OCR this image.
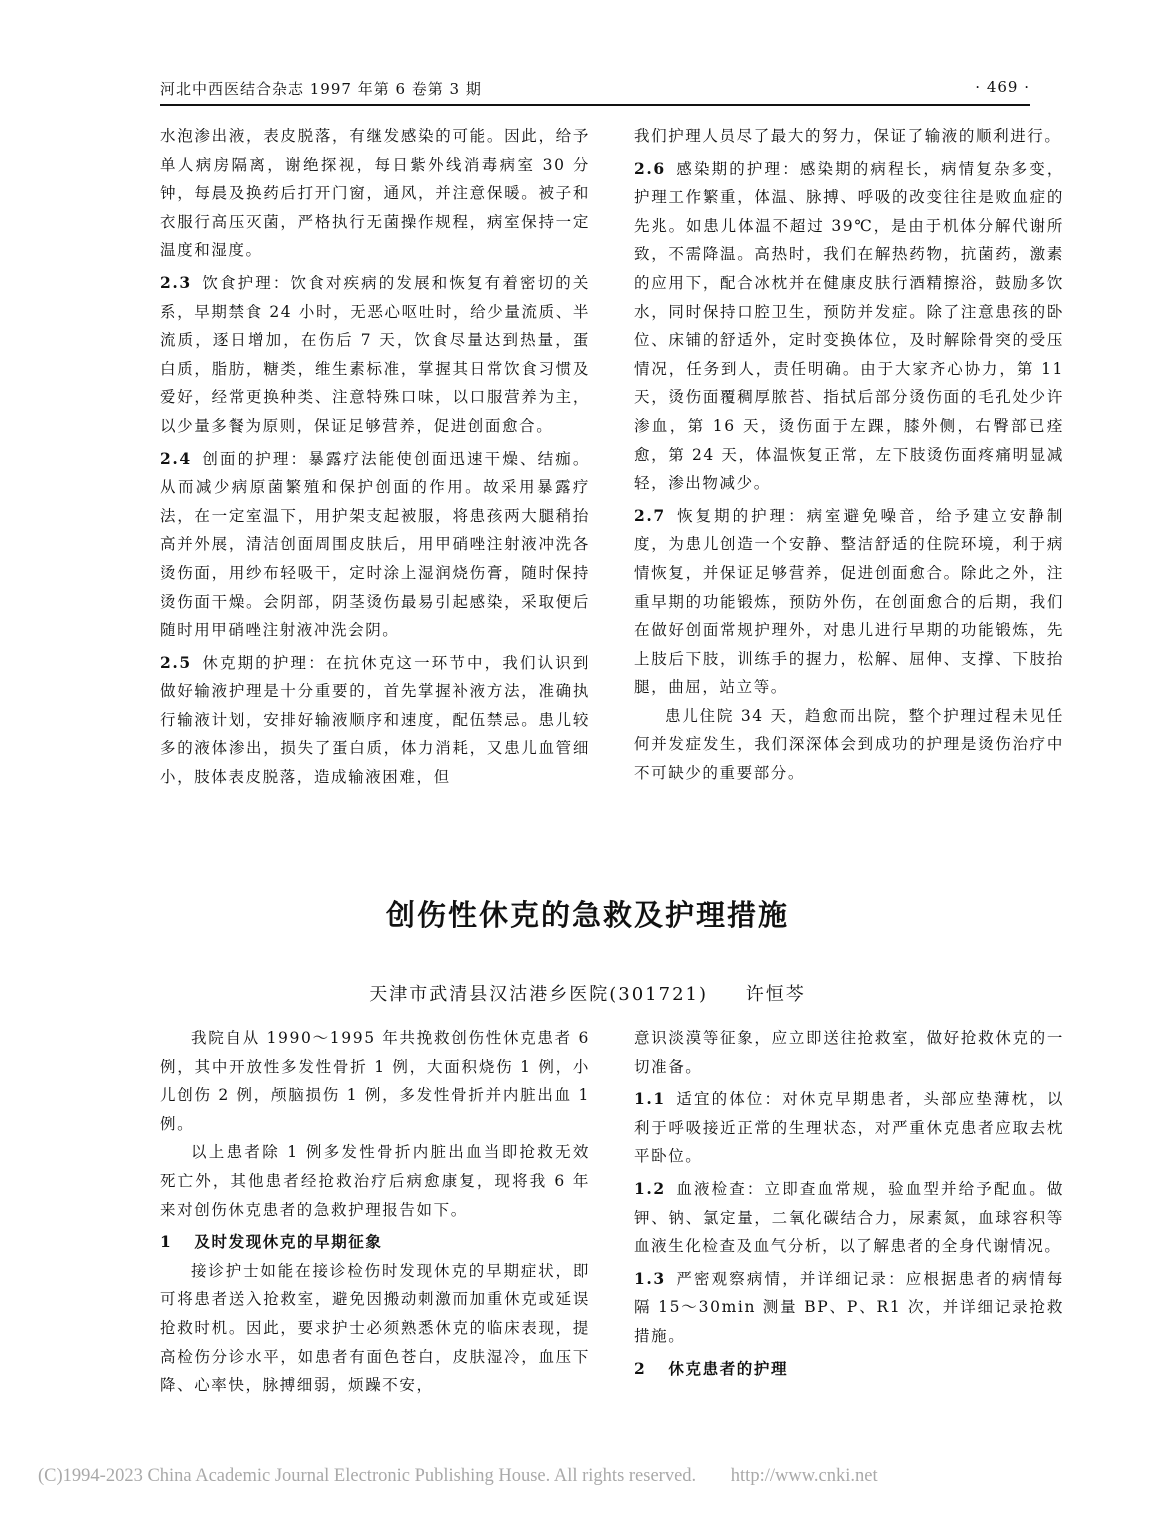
河北中西医结合杂志 1997 年第 6 卷第 3 期	· 469 ·

水泡渗出液，表皮脱落，有继发感染的可能。因此，给予单人病房隔离，谢绝探视，每日紫外线消毒病室 30 分钟，每晨及换药后打开门窗，通风，并注意保暖。被子和衣服行高压灭菌，严格执行无菌操作规程，病室保持一定温度和湿度。

2.3 饮食护理：饮食对疾病的发展和恢复有着密切的关系，早期禁食 24 小时，无恶心呕吐时，给少量流质、半流质，逐日增加，在伤后 7 天，饮食尽量达到热量，蛋白质，脂肪，糖类，维生素标准，掌握其日常饮食习惯及爱好，经常更换种类、注意特殊口味，以口服营养为主，以少量多餐为原则，保证足够营养，促进创面愈合。

2.4 创面的护理：暴露疗法能使创面迅速干燥、结痂。从而减少病原菌繁殖和保护创面的作用。故采用暴露疗法，在一定室温下，用护架支起被服，将患孩两大腿稍抬高并外展，清洁创面周围皮肤后，用甲硝唑注射液冲洗各烫伤面，用纱布轻吸干，定时涂上湿润烧伤膏，随时保持烫伤面干燥。会阴部，阴茎烫伤最易引起感染，采取便后随时用甲硝唑注射液冲洗会阴。

2.5 休克期的护理：在抗休克这一环节中，我们认识到做好输液护理是十分重要的，首先掌握补液方法，准确执行输液计划，安排好输液顺序和速度，配伍禁忌。患儿较多的液体渗出，损失了蛋白质，体力消耗，又患儿血管细小，肢体表皮脱落，造成输液困难，但

我们护理人员尽了最大的努力，保证了输液的顺利进行。

2.6 感染期的护理：感染期的病程长，病情复杂多变，护理工作繁重，体温、脉搏、呼吸的改变往往是败血症的先兆。如患儿体温不超过 39℃，是由于机体分解代谢所致，不需降温。高热时，我们在解热药物，抗菌药，激素的应用下，配合冰枕并在健康皮肤行酒精擦浴，鼓励多饮水，同时保持口腔卫生，预防并发症。除了注意患孩的卧位、床铺的舒适外，定时变换体位，及时解除骨突的受压情况，任务到人，责任明确。由于大家齐心协力，第 11 天，烫伤面覆稠厚脓苔、指拭后部分烫伤面的毛孔处少许渗血，第 16 天，烫伤面于左踝，膝外侧，右臀部已痊愈，第 24 天，体温恢复正常，左下肢烫伤面疼痛明显减轻，渗出物减少。

2.7 恢复期的护理：病室避免噪音，给予建立安静制度，为患儿创造一个安静、整洁舒适的住院环境，利于病情恢复，并保证足够营养，促进创面愈合。除此之外，注重早期的功能锻炼，预防外伤，在创面愈合的后期，我们在做好创面常规护理外，对患儿进行早期的功能锻炼，先上肢后下肢，训练手的握力，松解、屈伸、支撑、下肢抬腿，曲屈，站立等。

患儿住院 34 天，趋愈而出院，整个护理过程未见任何并发症发生，我们深深体会到成功的护理是烫伤治疗中不可缺少的重要部分。

创伤性休克的急救及护理措施
天津市武清县汉沽港乡医院(301721) 许恒芩

我院自从 1990～1995 年共挽救创伤性休克患者 6 例，其中开放性多发性骨折 1 例，大面积烧伤 1 例，小儿创伤 2 例，颅脑损伤 1 例，多发性骨折并内脏出血 1 例。

以上患者除 1 例多发性骨折内脏出血当即抢救无效死亡外，其他患者经抢救治疗后病愈康复，现将我 6 年来对创伤休克患者的急救护理报告如下。

1 及时发现休克的早期征象

接诊护士如能在接诊检伤时发现休克的早期症状，即可将患者送入抢救室，避免因搬动刺激而加重休克或延误抢救时机。因此，要求护士必须熟悉休克的临床表现，提高检伤分诊水平，如患者有面色苍白，皮肤湿冷，血压下降、心率快，脉搏细弱，烦躁不安，

意识淡漠等征象，应立即送往抢救室，做好抢救休克的一切准备。

1.1 适宜的体位：对休克早期患者，头部应垫薄枕，以利于呼吸接近正常的生理状态，对严重休克患者应取去枕平卧位。

1.2 血液检查：立即查血常规，验血型并给予配血。做钾、钠、氯定量，二氧化碳结合力，尿素氮，血球容积等血液生化检查及血气分析，以了解患者的全身代谢情况。

1.3 严密观察病情，并详细记录：应根据患者的病情每隔 15～30min 测量 BP、P、R1 次，并详细记录抢救措施。

2 休克患者的护理
(C)1994-2023 China Academic Journal Electronic Publishing House. All rights reserved. http://www.cnki.net
